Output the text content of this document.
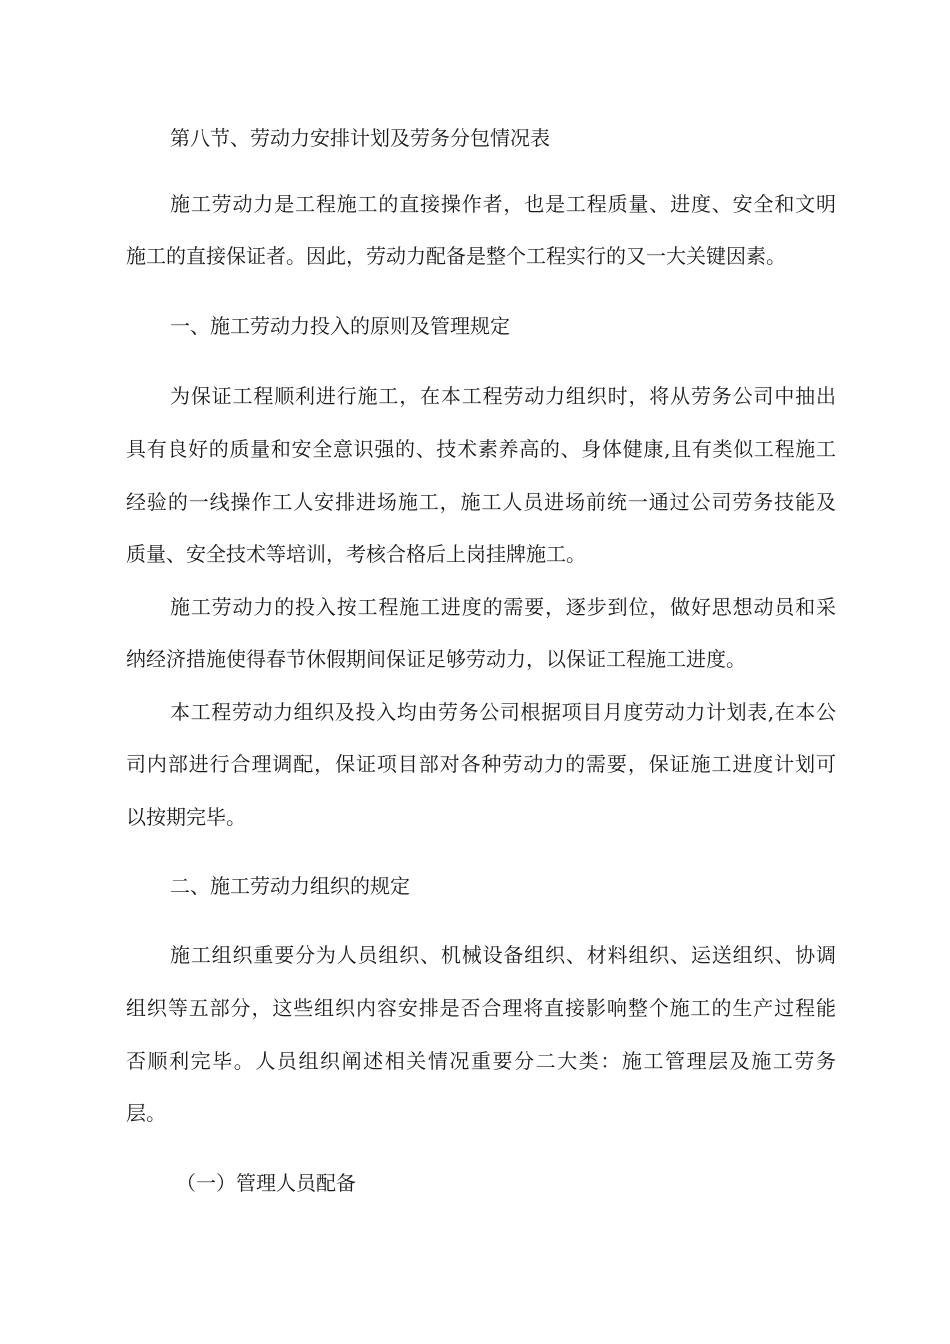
第八节、劳动力安排计划及劳务分包情况表
施工劳动力是工程施工的直接操作者，也是工程质量、进度、安全和文明
施工的直接保证者。因此，劳动力配备是整个工程实行的又一大关键因素。
一、施工劳动力投入的原则及管理规定
为保证工程顺利进行施工，在本工程劳动力组织时，将从劳务公司中抽出
具有良好的质量和安全意识强的、技术素养高的、身体健康,且有类似工程施工
经验的一线操作工人安排进场施工，施工人员进场前统一通过公司劳务技能及
质量、安全技术等培训，考核合格后上岗挂牌施工。
施工劳动力的投入按工程施工进度的需要，逐步到位，做好思想动员和采
纳经济措施使得春节休假期间保证足够劳动力，以保证工程施工进度。
本工程劳动力组织及投入均由劳务公司根据项目月度劳动力计划表,在本公
司内部进行合理调配，保证项目部对各种劳动力的需要，保证施工进度计划可
以按期完毕。
二、施工劳动力组织的规定
施工组织重要分为人员组织、机械设备组织、材料组织、运送组织、协调
组织等五部分，这些组织内容安排是否合理将直接影响整个施工的生产过程能
否顺利完毕。人员组织阐述相关情况重要分二大类：施工管理层及施工劳务
层。
（一）管理人员配备
